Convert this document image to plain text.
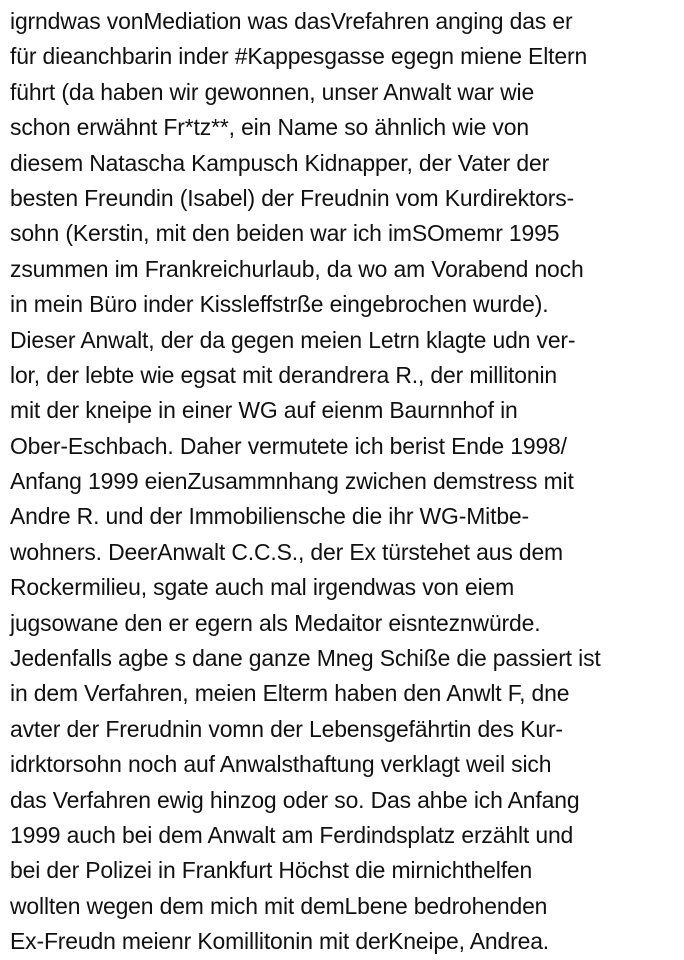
igrndwas vonMediation was dasVrefahren anging das er
für dieanchbarin inder #Kappesgasse egegn miene Eltern
führt (da haben wir gewonnen, unser Anwalt war wie
schon erwähnt Fr*tz**, ein Name so ähnlich wie von
diesem Natascha Kampusch Kidnapper, der Vater der
besten Freundin (Isabel) der Freudnin vom Kurdirektors-
sohn (Kerstin, mit den beiden war ich imSOmemr 1995
zsummen im Frankreichurlaub, da wo am Vorabend noch
in mein Büro inder Kissleffstrße eingebrochen wurde).
Dieser Anwalt, der da gegen meien Letrn klagte udn ver-
lor, der lebte wie egsat mit derandrera R., der millitonin
mit der kneipe in einer WG auf eienm Baurnnhof in
Ober-Eschbach. Daher vermutete ich berist Ende 1998/
Anfang 1999 eienZusammnhang zwichen demstress mit
Andre R. und der Immobiliensche die ihr WG-Mitbe-
wohners. DeerAnwalt C.C.S., der Ex türstehet aus dem
Rockermilieu, sgate auch mal irgendwas von eiem
jugsowane den er egern als Medaitor eisnteznwürde.
Jedenfalls agbe s dane ganze Mneg Schiße die passiert ist
in dem Verfahren, meien Elterm haben den Anwlt F, dne
avter der Frerudnin vomn der Lebensgefährtin des Kur-
idrktorsohn noch auf Anwalsthaftung verklagt weil sich
das Verfahren ewig hinzog oder so. Das ahbe ich Anfang
1999 auch bei dem Anwalt am Ferdindsplatz erzählt und
bei der Polizei in Frankfurt Höchst die mirnichthelfen
wollten wegen dem mich mit demLbene bedrohenden
Ex-Freudn meienr Komillitonin mit derKneipe, Andrea.
